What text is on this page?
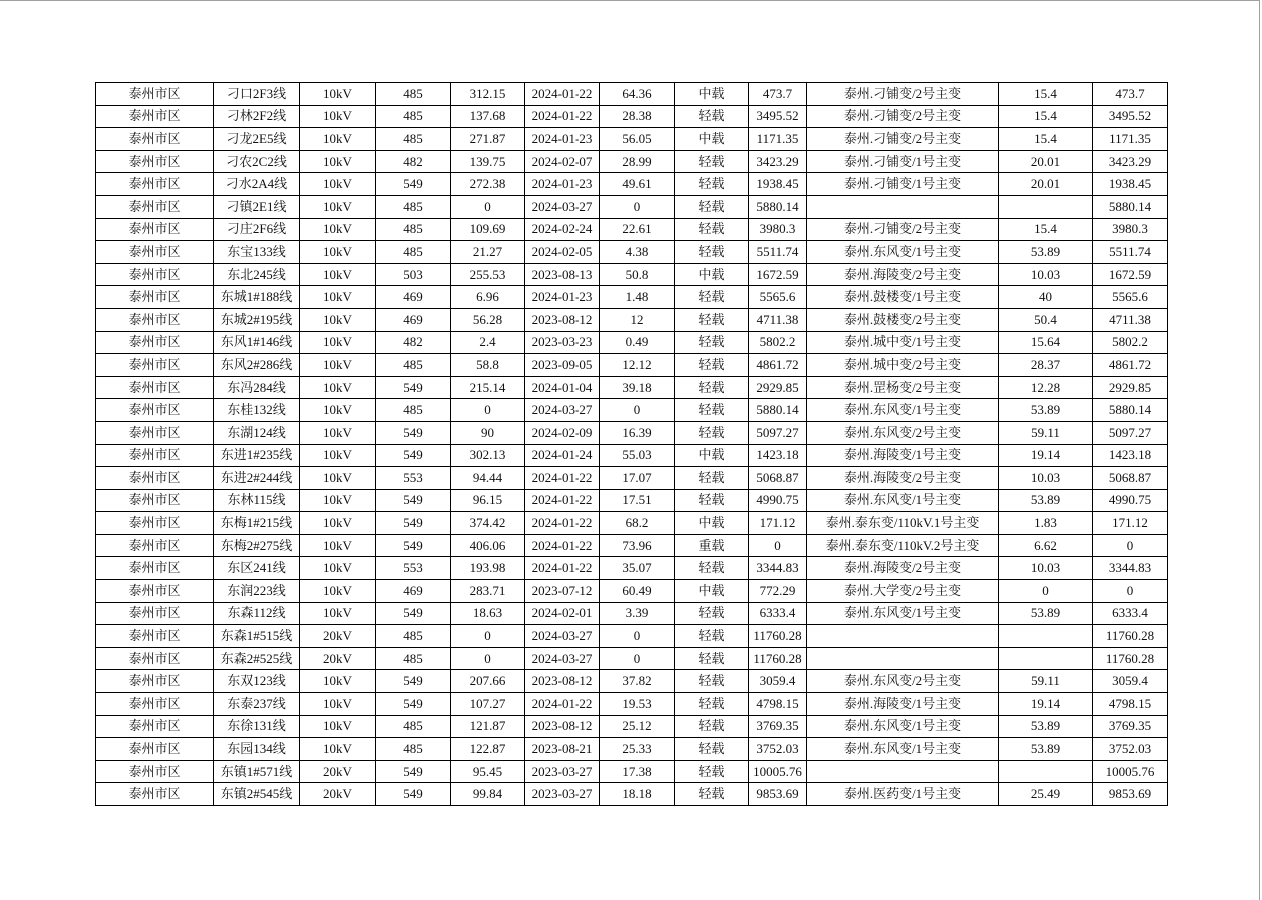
泰州市区	刁口2F3线	10kV	485	312.15	2024-01-22	64.36	中载	473.7	泰州.刁铺变/2号主变	15.4	473.7
泰州市区	刁林2F2线	10kV	485	137.68	2024-01-22	28.38	轻载	3495.52	泰州.刁铺变/2号主变	15.4	3495.52
泰州市区	刁龙2E5线	10kV	485	271.87	2024-01-23	56.05	中载	1171.35	泰州.刁铺变/2号主变	15.4	1171.35
泰州市区	刁农2C2线	10kV	482	139.75	2024-02-07	28.99	轻载	3423.29	泰州.刁铺变/1号主变	20.01	3423.29
泰州市区	刁水2A4线	10kV	549	272.38	2024-01-23	49.61	轻载	1938.45	泰州.刁铺变/1号主变	20.01	1938.45
泰州市区	刁镇2E1线	10kV	485	0	2024-03-27	0	轻载	5880.14			5880.14
泰州市区	刁庄2F6线	10kV	485	109.69	2024-02-24	22.61	轻载	3980.3	泰州.刁铺变/2号主变	15.4	3980.3
泰州市区	东宝133线	10kV	485	21.27	2024-02-05	4.38	轻载	5511.74	泰州.东风变/1号主变	53.89	5511.74
泰州市区	东北245线	10kV	503	255.53	2023-08-13	50.8	中载	1672.59	泰州.海陵变/2号主变	10.03	1672.59
泰州市区	东城1#188线	10kV	469	6.96	2024-01-23	1.48	轻载	5565.6	泰州.鼓楼变/1号主变	40	5565.6
泰州市区	东城2#195线	10kV	469	56.28	2023-08-12	12	轻载	4711.38	泰州.鼓楼变/2号主变	50.4	4711.38
泰州市区	东风1#146线	10kV	482	2.4	2023-03-23	0.49	轻载	5802.2	泰州.城中变/1号主变	15.64	5802.2
泰州市区	东风2#286线	10kV	485	58.8	2023-09-05	12.12	轻载	4861.72	泰州.城中变/2号主变	28.37	4861.72
泰州市区	东冯284线	10kV	549	215.14	2024-01-04	39.18	轻载	2929.85	泰州.罡杨变/2号主变	12.28	2929.85
泰州市区	东桂132线	10kV	485	0	2024-03-27	0	轻载	5880.14	泰州.东风变/1号主变	53.89	5880.14
泰州市区	东湖124线	10kV	549	90	2024-02-09	16.39	轻载	5097.27	泰州.东风变/2号主变	59.11	5097.27
泰州市区	东进1#235线	10kV	549	302.13	2024-01-24	55.03	中载	1423.18	泰州.海陵变/1号主变	19.14	1423.18
泰州市区	东进2#244线	10kV	553	94.44	2024-01-22	17.07	轻载	5068.87	泰州.海陵变/2号主变	10.03	5068.87
泰州市区	东林115线	10kV	549	96.15	2024-01-22	17.51	轻载	4990.75	泰州.东风变/1号主变	53.89	4990.75
泰州市区	东梅1#215线	10kV	549	374.42	2024-01-22	68.2	中载	171.12	泰州.泰东变/110kV.1号主变	1.83	171.12
泰州市区	东梅2#275线	10kV	549	406.06	2024-01-22	73.96	重载	0	泰州.泰东变/110kV.2号主变	6.62	0
泰州市区	东区241线	10kV	553	193.98	2024-01-22	35.07	轻载	3344.83	泰州.海陵变/2号主变	10.03	3344.83
泰州市区	东润223线	10kV	469	283.71	2023-07-12	60.49	中载	772.29	泰州.大学变/2号主变	0	0
泰州市区	东森112线	10kV	549	18.63	2024-02-01	3.39	轻载	6333.4	泰州.东风变/1号主变	53.89	6333.4
泰州市区	东森1#515线	20kV	485	0	2024-03-27	0	轻载	11760.28			11760.28
泰州市区	东森2#525线	20kV	485	0	2024-03-27	0	轻载	11760.28			11760.28
泰州市区	东双123线	10kV	549	207.66	2023-08-12	37.82	轻载	3059.4	泰州.东风变/2号主变	59.11	3059.4
泰州市区	东泰237线	10kV	549	107.27	2024-01-22	19.53	轻载	4798.15	泰州.海陵变/1号主变	19.14	4798.15
泰州市区	东徐131线	10kV	485	121.87	2023-08-12	25.12	轻载	3769.35	泰州.东风变/1号主变	53.89	3769.35
泰州市区	东园134线	10kV	485	122.87	2023-08-21	25.33	轻载	3752.03	泰州.东风变/1号主变	53.89	3752.03
泰州市区	东镇1#571线	20kV	549	95.45	2023-03-27	17.38	轻载	10005.76			10005.76
泰州市区	东镇2#545线	20kV	549	99.84	2023-03-27	18.18	轻载	9853.69	泰州.医药变/1号主变	25.49	9853.69
